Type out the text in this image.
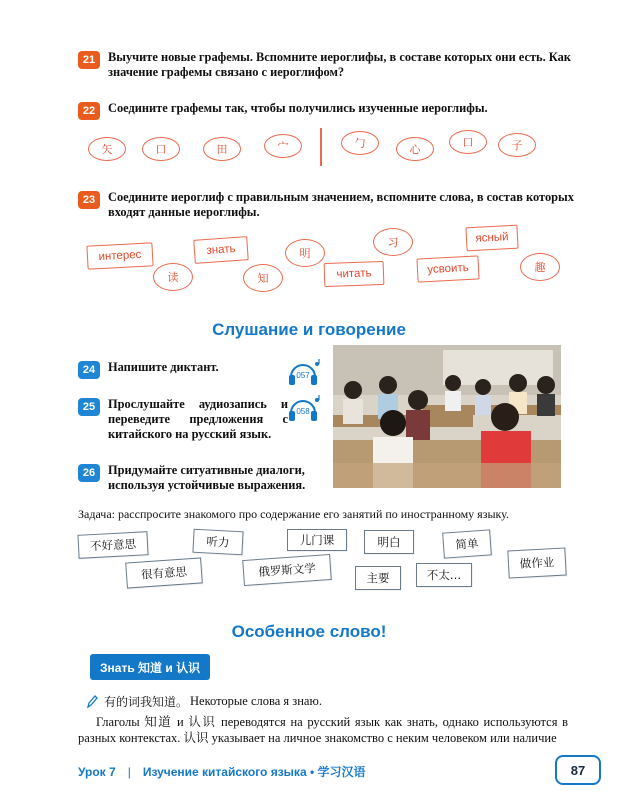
21	Выучите новые графемы. Вспомните иероглифы, в составе которых они есть. Как значение графемы связано с иероглифом?
22	Соедините графемы так, чтобы получились изученные иероглифы.
矢	口	田	宀	勹	心
口	子
23	Соедините иероглиф с правильным значением, вспомните слова, в состав которых входят данные иероглифы.
интерес	знать
читать	усвоить
ясный
读	知
明
习
趣
Слушание и говорение
24	Напишите диктант.
057
25	Прослушайте аудиозапись и переведите предложения с китайского на русский язык.
058
26	Придумайте ситуативные диалоги, используя устойчивые выражения.
Задача: расспросите знакомого про содержание его занятий по иностранному языку.
不好意思	听力	儿门课	明白	简单
很有意思	俄罗斯文学	主要	不太…
做作业
Особенное слово!
Знать 知道 и 认识
有的词我知道。 Некоторые слова я знаю.
Глаголы 知道 и 认识 переводятся на русский язык как знать, однако используются в разных контекстах. 认识 указывает на личное знакомство с неким человеком или наличие
Урок 7 | Изучение китайского языка • 学习汉语	87
